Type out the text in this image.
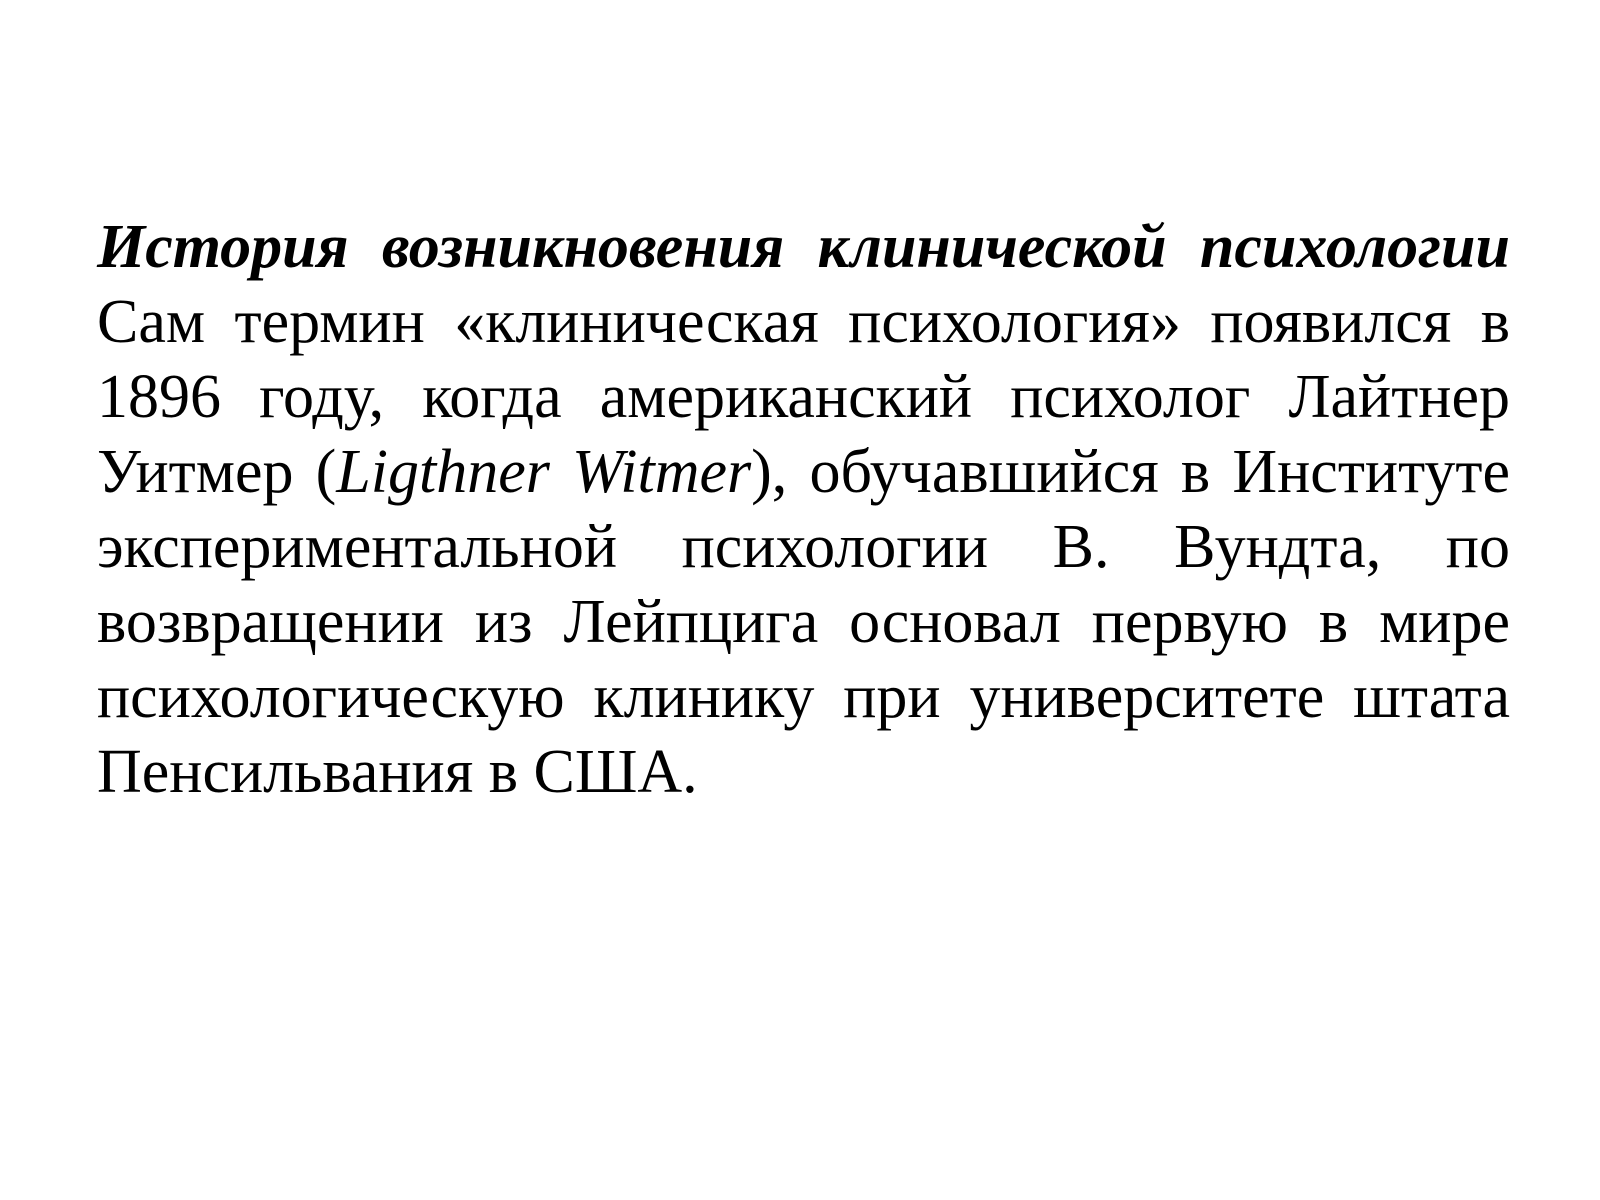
История возникновения клинической психологии
Сам термин «клиническая психология» появился в 1896 году, когда американский психолог Лайтнер Уитмер (Ligthner Witmer), обучавшийся в Институте экспериментальной психологии В. Вундта, по возвращении из Лейпцига основал первую в мире психологическую клинику при университете штата Пенсильвания в США.
